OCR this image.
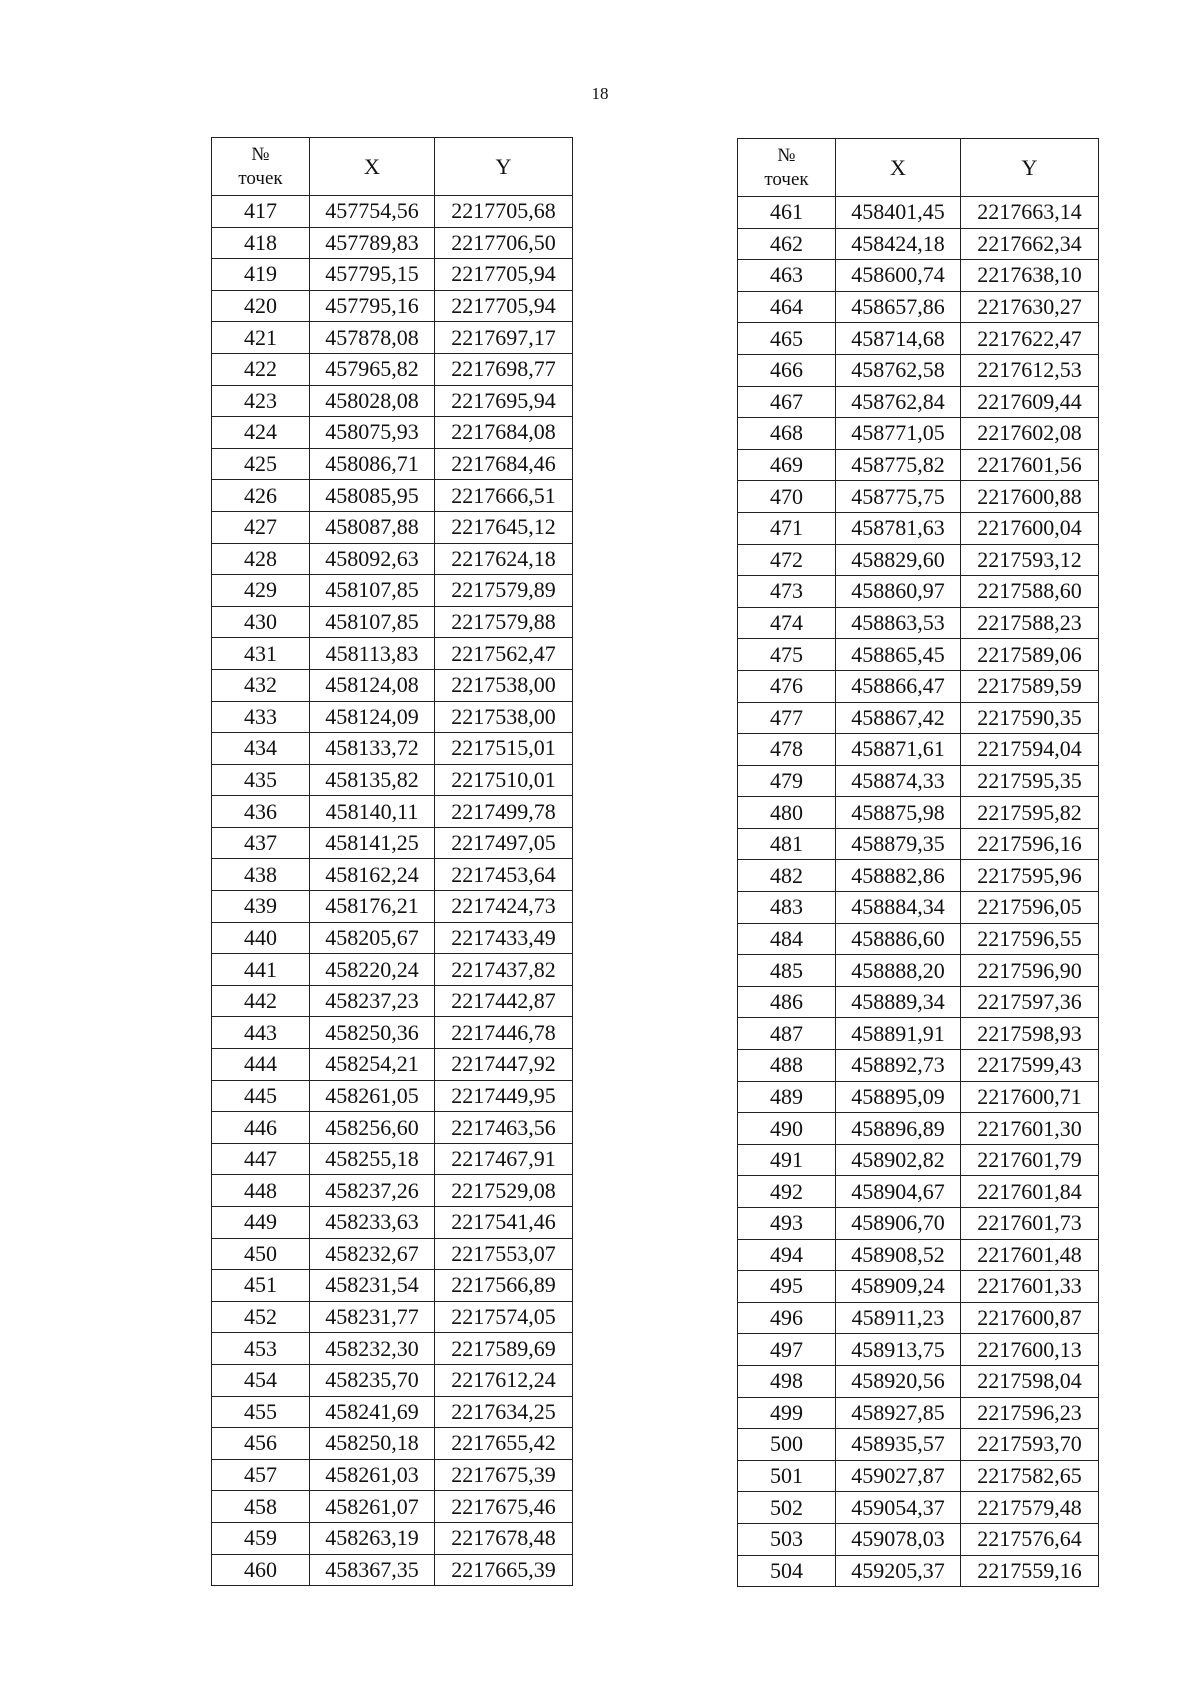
18
№
точек	X	Y
417	457754,56	2217705,68
418	457789,83	2217706,50
419	457795,15	2217705,94
420	457795,16	2217705,94
421	457878,08	2217697,17
422	457965,82	2217698,77
423	458028,08	2217695,94
424	458075,93	2217684,08
425	458086,71	2217684,46
426	458085,95	2217666,51
427	458087,88	2217645,12
428	458092,63	2217624,18
429	458107,85	2217579,89
430	458107,85	2217579,88
431	458113,83	2217562,47
432	458124,08	2217538,00
433	458124,09	2217538,00
434	458133,72	2217515,01
435	458135,82	2217510,01
436	458140,11	2217499,78
437	458141,25	2217497,05
438	458162,24	2217453,64
439	458176,21	2217424,73
440	458205,67	2217433,49
441	458220,24	2217437,82
442	458237,23	2217442,87
443	458250,36	2217446,78
444	458254,21	2217447,92
445	458261,05	2217449,95
446	458256,60	2217463,56
447	458255,18	2217467,91
448	458237,26	2217529,08
449	458233,63	2217541,46
450	458232,67	2217553,07
451	458231,54	2217566,89
452	458231,77	2217574,05
453	458232,30	2217589,69
454	458235,70	2217612,24
455	458241,69	2217634,25
456	458250,18	2217655,42
457	458261,03	2217675,39
458	458261,07	2217675,46
459	458263,19	2217678,48
460	458367,35	2217665,39
№
точек	X	Y
461	458401,45	2217663,14
462	458424,18	2217662,34
463	458600,74	2217638,10
464	458657,86	2217630,27
465	458714,68	2217622,47
466	458762,58	2217612,53
467	458762,84	2217609,44
468	458771,05	2217602,08
469	458775,82	2217601,56
470	458775,75	2217600,88
471	458781,63	2217600,04
472	458829,60	2217593,12
473	458860,97	2217588,60
474	458863,53	2217588,23
475	458865,45	2217589,06
476	458866,47	2217589,59
477	458867,42	2217590,35
478	458871,61	2217594,04
479	458874,33	2217595,35
480	458875,98	2217595,82
481	458879,35	2217596,16
482	458882,86	2217595,96
483	458884,34	2217596,05
484	458886,60	2217596,55
485	458888,20	2217596,90
486	458889,34	2217597,36
487	458891,91	2217598,93
488	458892,73	2217599,43
489	458895,09	2217600,71
490	458896,89	2217601,30
491	458902,82	2217601,79
492	458904,67	2217601,84
493	458906,70	2217601,73
494	458908,52	2217601,48
495	458909,24	2217601,33
496	458911,23	2217600,87
497	458913,75	2217600,13
498	458920,56	2217598,04
499	458927,85	2217596,23
500	458935,57	2217593,70
501	459027,87	2217582,65
502	459054,37	2217579,48
503	459078,03	2217576,64
504	459205,37	2217559,16
